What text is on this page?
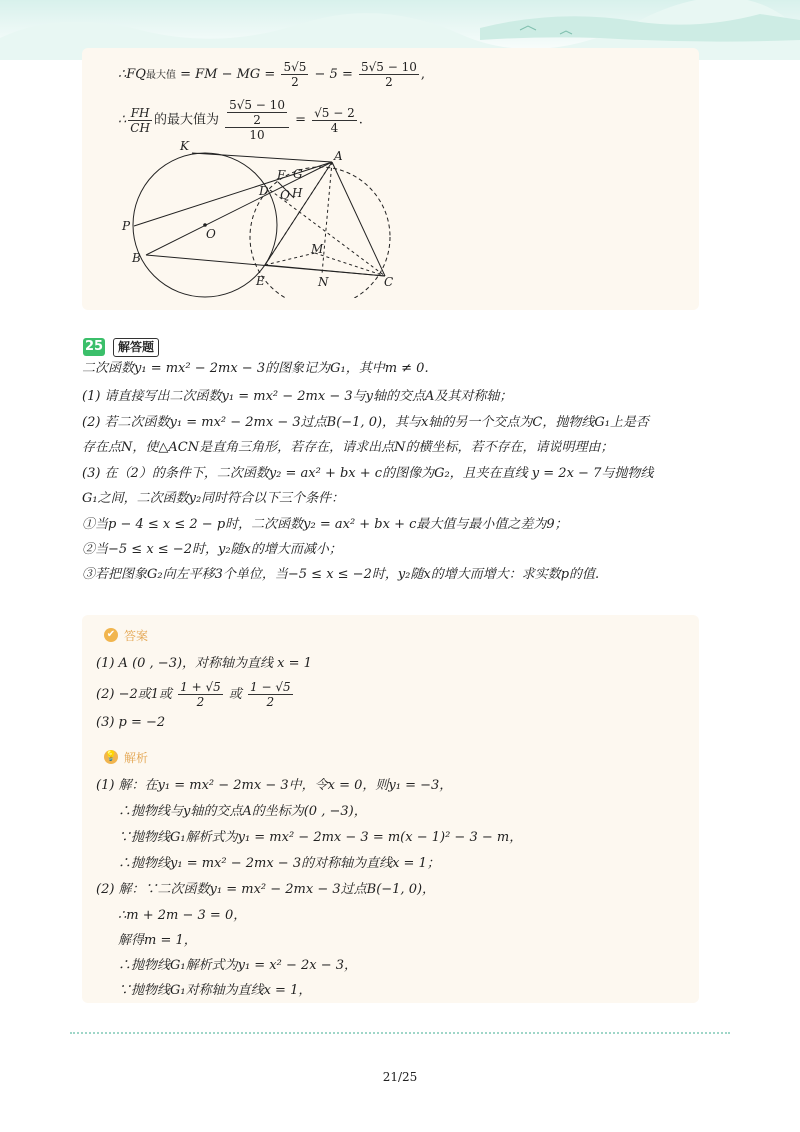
∴FQ最大值 = FM − MG = $\frac{5√5}{2} - 5 = \frac{5√5 - 10}{2}$ ,
∴ $\frac{FH}{CH}$ 的最大值为 $\frac{\frac{5√5 - 10}{2}}{10} = \frac{√5 - 2}{4}$ .
K
A
F G
D Q H
P
O
M
B
E	N	C
25	解答题
二次函数y₁ = mx² − 2mx − 3的图象记为G₁，其中m ≠ 0.
(1) 请直接写出二次函数y₁ = mx² − 2mx − 3与y轴的交点A及其对称轴；
(2) 若二次函数y₁ = mx² − 2mx − 3过点B(−1, 0)，其与x轴的另一个交点为C，抛物线G₁上是否
存在点N，使△ACN是直角三角形，若存在，请求出点N的横坐标，若不存在，请说明理由；
(3) 在（2）的条件下，二次函数y₂ = ax² + bx + c的图像为G₂，且夹在直线 y = 2x − 7与抛物线
G₁之间，二次函数y₂同时符合以下三个条件：
①当p − 4 ≤ x ≤ 2 − p时，二次函数y₂ = ax² + bx + c最大值与最小值之差为9；
②当−5 ≤ x ≤ −2时，y₂随x的增大而减小；
③若把图象G₂向左平移3个单位，当−5 ≤ x ≤ −2时，y₂随x的增大而增大：求实数p的值.
✔ 答案
(1) A (0 , −3)，对称轴为直线 x = 1
(2) −2或1或 $\frac{1 + √5}{2}$ 或 $\frac{1 - √5}{2}$
(3) p = −2
💡 解析
(1) 解：在y₁ = mx² − 2mx − 3中，令x = 0，则y₁ = −3，
∴抛物线与y轴的交点A的坐标为(0 , −3)，
∵抛物线G₁解析式为y₁ = mx² − 2mx − 3 = m(x − 1)² − 3 − m，
∴抛物线y₁ = mx² − 2mx − 3的对称轴为直线x = 1；
(2) 解：∵二次函数y₁ = mx² − 2mx − 3过点B(−1, 0)，
∴m + 2m − 3 = 0，
解得m = 1，
∴抛物线G₁解析式为y₁ = x² − 2x − 3，
∵抛物线G₁对称轴为直线x = 1，
21/25
